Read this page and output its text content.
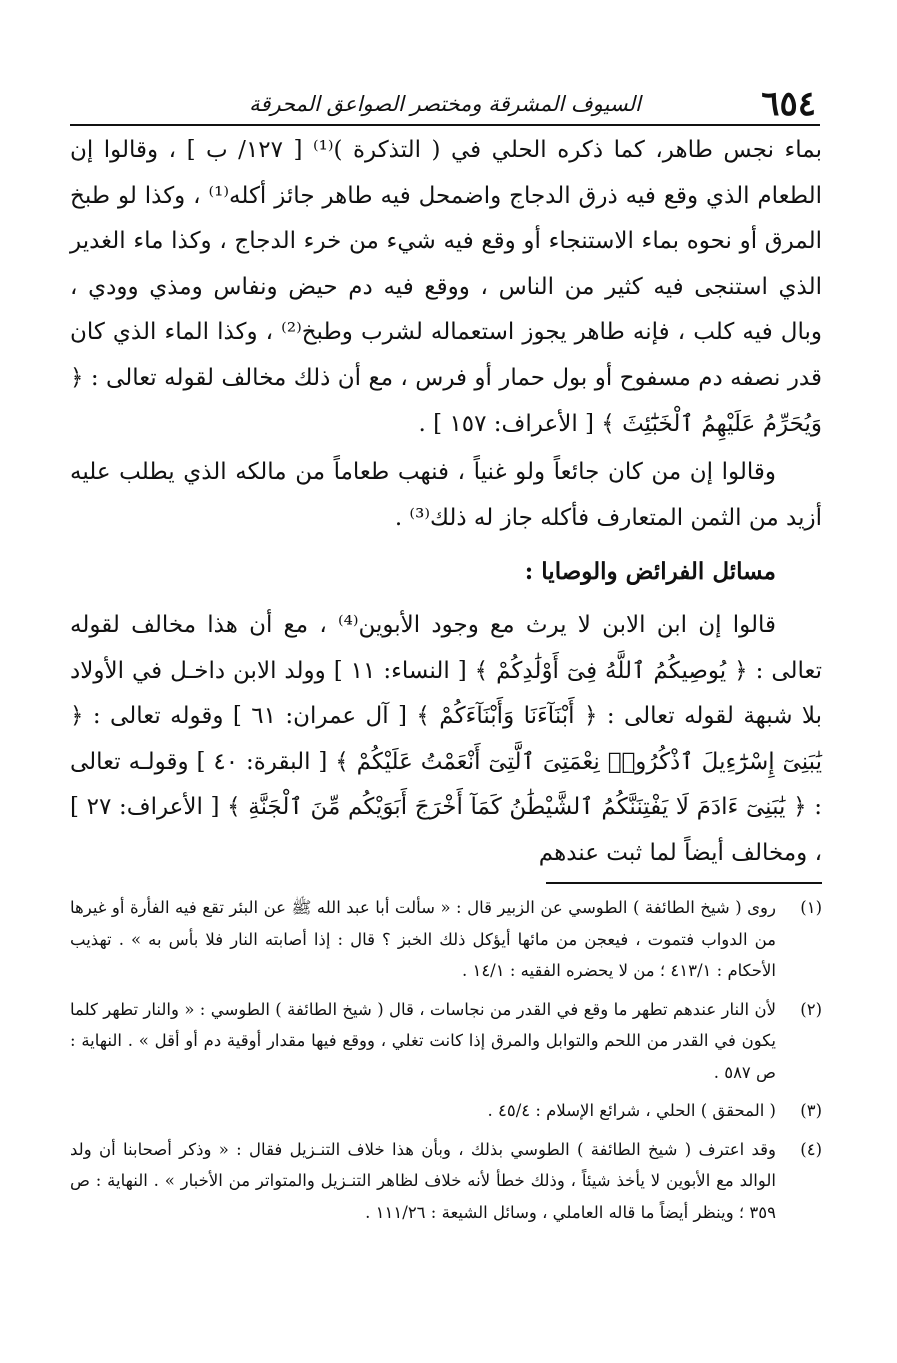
٦٥٤
السيوف المشرقة ومختصر الصواعق المحرقة

بماء نجس طاهر، كما ذكره الحلي في ( التذكرة )⁽¹⁾ [ ١٢٧/ ب ] ، وقالوا إن الطعام الذي وقع فيه ذرق الدجاج واضمحل فيه طاهر جائز أكله⁽¹⁾ ، وكذا لو طبخ المرق أو نحوه بماء الاستنجاء أو وقع فيه شيء من خرء الدجاج ، وكذا ماء الغدير الذي استنجى فيه كثير من الناس ، ووقع فيه دم حيض ونفاس ومذي وودي ، وبال فيه كلب ، فإنه طاهر يجوز استعماله لشرب وطبخ⁽²⁾ ، وكذا الماء الذي كان قدر نصفه دم مسفوح أو بول حمار أو فرس ، مع أن ذلك مخالف لقوله تعالى : ﴿ وَيُحَرِّمُ عَلَيْهِمُ ٱلْخَبَٰٓئِثَ ﴾ [ الأعراف: ١٥٧ ] .

وقالوا إن من كان جائعاً ولو غنياً ، فنهب طعاماً من مالكه الذي يطلب عليه أزيد من الثمن المتعارف فأكله جاز له ذلك⁽³⁾ .

مسائل الفرائض والوصايا :

قالوا إن ابن الابن لا يرث مع وجود الأبوين⁽⁴⁾ ، مع أن هذا مخالف لقوله تعالى : ﴿ يُوصِيكُمُ ٱللَّهُ فِىٓ أَوْلَٰدِكُمْ ﴾ [ النساء: ١١ ] وولد الابن داخـل في الأولاد بلا شبهة لقوله تعالى : ﴿ أَبْنَآءَنَا وَأَبْنَآءَكُمْ ﴾ [ آل عمران: ٦١ ] وقوله تعالى : ﴿ يَٰبَنِىٓ إِسْرَٰٓءِيلَ ٱذْكُرُوا۟ نِعْمَتِىَ ٱلَّتِىٓ أَنْعَمْتُ عَلَيْكُمْ ﴾ [ البقرة: ٤٠ ] وقولـه تعالى : ﴿ يَٰبَنِىٓ ءَادَمَ لَا يَفْتِنَنَّكُمُ ٱلشَّيْطَٰنُ كَمَآ أَخْرَجَ أَبَوَيْكُم مِّنَ ٱلْجَنَّةِ ﴾ [ الأعراف: ٢٧ ] ، ومخالف أيضاً لما ثبت عندهم

(١)
روى ( شيخ الطائفة ) الطوسي عن الزبير قال : « سألت أبا عبد الله ﷺ عن البئر تقع فيه الفأرة أو غيرها من الدواب فتموت ، فيعجن من مائها أيؤكل ذلك الخبز ؟ قال : إذا أصابته النار فلا بأس به » . تهذيب الأحكام : ٤١٣/١ ؛ من لا يحضره الفقيه : ١٤/١ .
(٢)
لأن النار عندهم تطهر ما وقع في القدر من نجاسات ، قال ( شيخ الطائفة ) الطوسي : « والنار تطهر كلما يكون في القدر من اللحم والتوابل والمرق إذا كانت تغلي ، ووقع فيها مقدار أوقية دم أو أقل » . النهاية : ص ٥٨٧ .
(٣)
( المحقق ) الحلي ، شرائع الإسلام : ٤٥/٤ .
(٤)
وقد اعترف ( شيخ الطائفة ) الطوسي بذلك ، وبأن هذا خلاف التنـزيل فقال : « وذكر أصحابنا أن ولد الوالد مع الأبوين لا يأخذ شيئاً ، وذلك خطأ لأنه خلاف لظاهر التنـزيل والمتواتر من الأخبار » . النهاية : ص ٣٥٩ ؛ وينظر أيضاً ما قاله العاملي ، وسائل الشيعة : ١١١/٢٦ .
